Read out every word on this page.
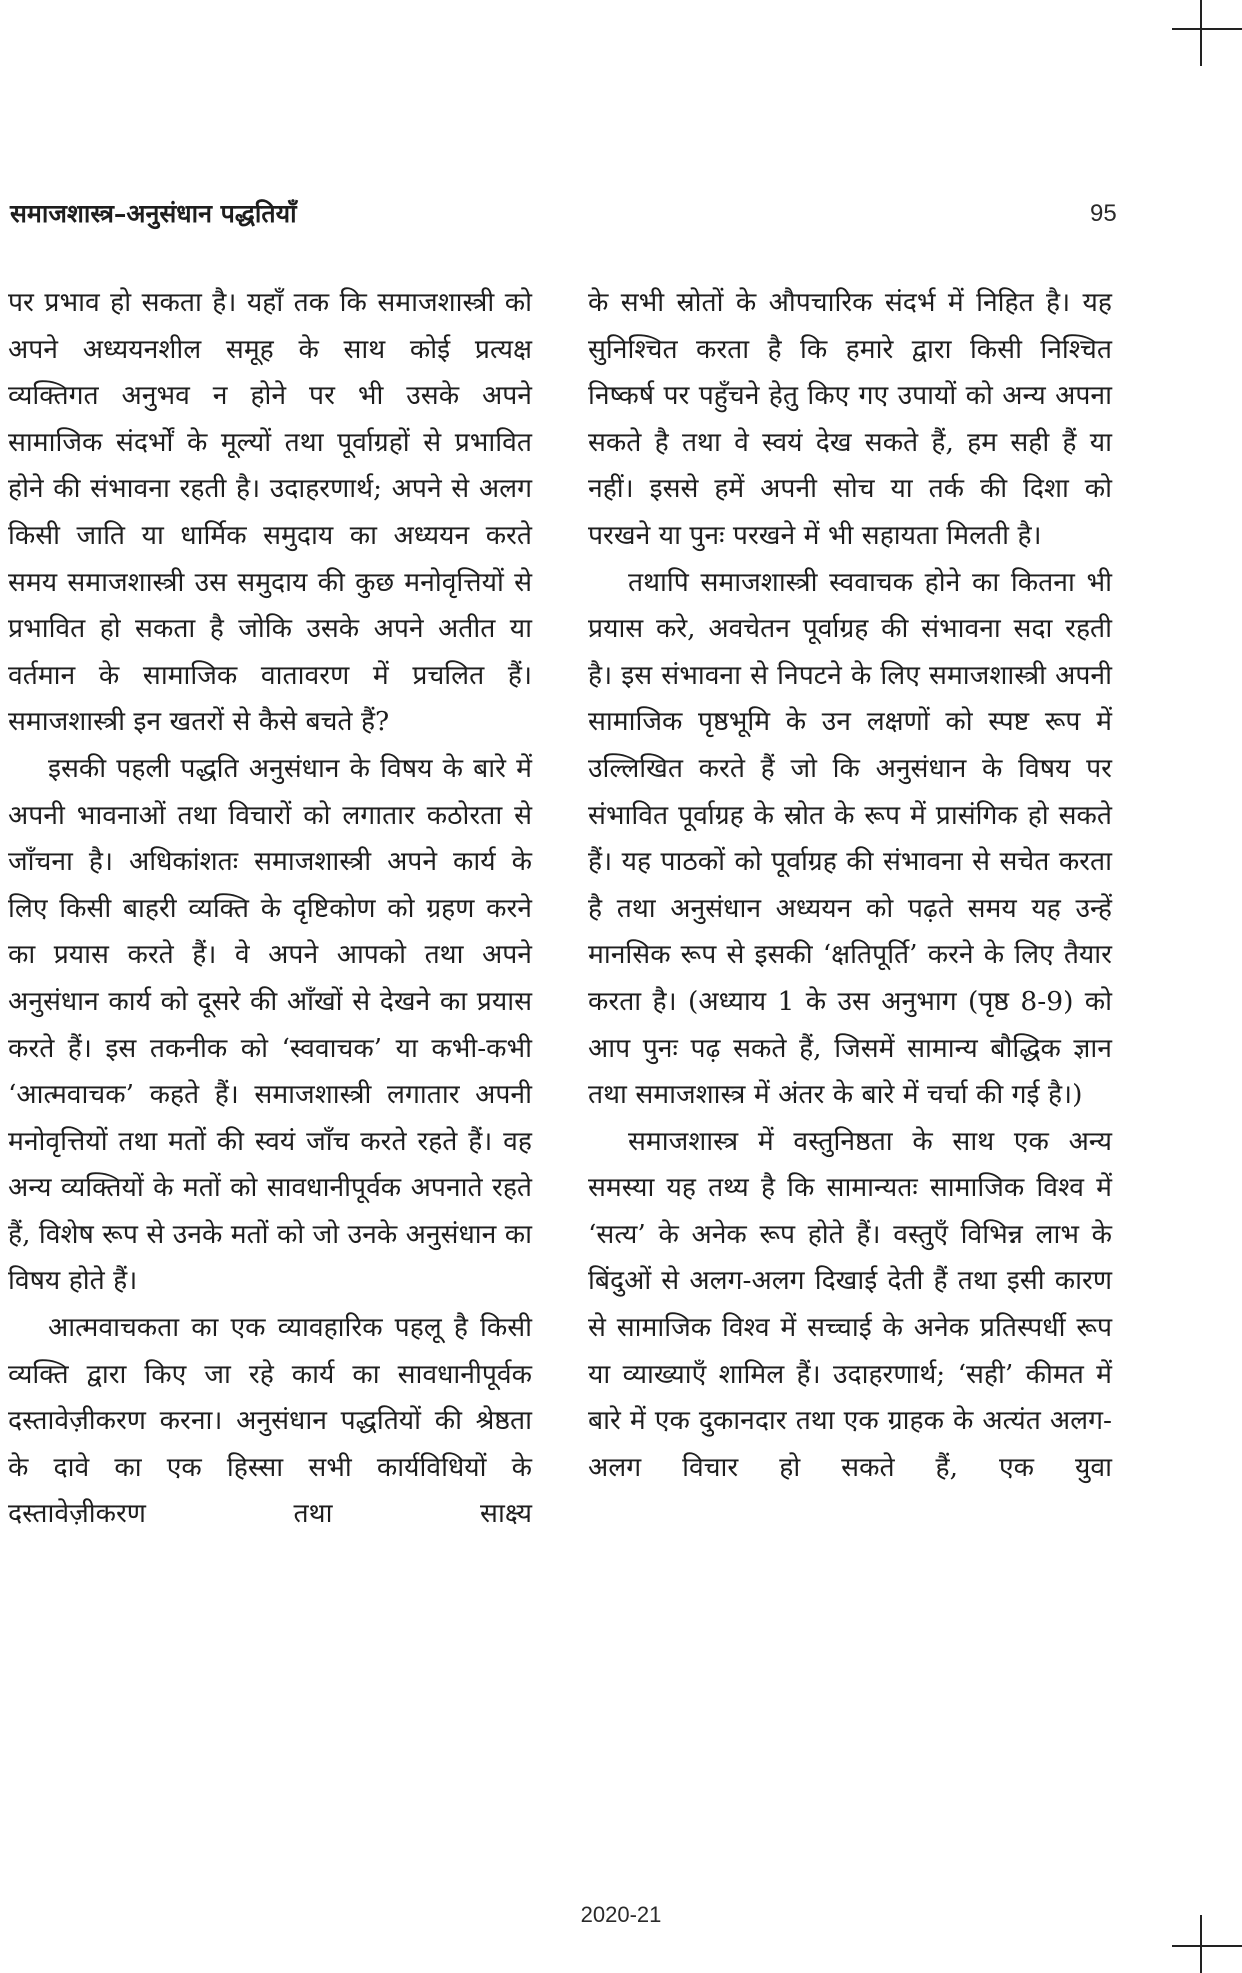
समाजशास्त्र–अनुसंधान पद्धतियाँ	95

पर प्रभाव हो सकता है। यहाँ तक कि समाजशास्त्री को अपने अध्ययनशील समूह के साथ कोई प्रत्यक्ष व्यक्तिगत अनुभव न होने पर भी उसके अपने सामाजिक संदर्भों के मूल्यों तथा पूर्वाग्रहों से प्रभावित होने की संभावना रहती है। उदाहरणार्थ; अपने से अलग किसी जाति या धार्मिक समुदाय का अध्ययन करते समय समाजशास्त्री उस समुदाय की कुछ मनोवृत्तियों से प्रभावित हो सकता है जोकि उसके अपने अतीत या वर्तमान के सामाजिक वातावरण में प्रचलित हैं। समाजशास्त्री इन खतरों से कैसे बचते हैं?

इसकी पहली पद्धति अनुसंधान के विषय के बारे में अपनी भावनाओं तथा विचारों को लगातार कठोरता से जाँचना है। अधिकांशतः समाजशास्त्री अपने कार्य के लिए किसी बाहरी व्यक्ति के दृष्टिकोण को ग्रहण करने का प्रयास करते हैं। वे अपने आपको तथा अपने अनुसंधान कार्य को दूसरे की आँखों से देखने का प्रयास करते हैं। इस तकनीक को ‘स्ववाचक’ या कभी-कभी ‘आत्मवाचक’ कहते हैं। समाजशास्त्री लगातार अपनी मनोवृत्तियों तथा मतों की स्वयं जाँच करते रहते हैं। वह अन्य व्यक्तियों के मतों को सावधानीपूर्वक अपनाते रहते हैं, विशेष रूप से उनके मतों को जो उनके अनुसंधान का विषय होते हैं।

आत्मवाचकता का एक व्यावहारिक पहलू है किसी व्यक्ति द्वारा किए जा रहे कार्य का सावधानीपूर्वक दस्तावेज़ीकरण करना। अनुसंधान पद्धतियों की श्रेष्ठता के दावे का एक हिस्सा सभी कार्यविधियों के दस्तावेज़ीकरण तथा साक्ष्य

के सभी स्रोतों के औपचारिक संदर्भ में निहित है। यह सुनिश्चित करता है कि हमारे द्वारा किसी निश्चित निष्कर्ष पर पहुँचने हेतु किए गए उपायों को अन्य अपना सकते है तथा वे स्वयं देख सकते हैं, हम सही हैं या नहीं। इससे हमें अपनी सोच या तर्क की दिशा को परखने या पुनः परखने में भी सहायता मिलती है।

तथापि समाजशास्त्री स्ववाचक होने का कितना भी प्रयास करे, अवचेतन पूर्वाग्रह की संभावना सदा रहती है। इस संभावना से निपटने के लिए समाजशास्त्री अपनी सामाजिक पृष्ठभूमि के उन लक्षणों को स्पष्ट रूप में उल्लिखित करते हैं जो कि अनुसंधान के विषय पर संभावित पूर्वाग्रह के स्रोत के रूप में प्रासंगिक हो सकते हैं। यह पाठकों को पूर्वाग्रह की संभावना से सचेत करता है तथा अनुसंधान अध्ययन को पढ़ते समय यह उन्हें मानसिक रूप से इसकी ‘क्षतिपूर्ति’ करने के लिए तैयार करता है। (अध्याय 1 के उस अनुभाग (पृष्ठ 8-9) को आप पुनः पढ़ सकते हैं, जिसमें सामान्य बौद्धिक ज्ञान तथा समाजशास्त्र में अंतर के बारे में चर्चा की गई है।)

समाजशास्त्र में वस्तुनिष्ठता के साथ एक अन्य समस्या यह तथ्य है कि सामान्यतः सामाजिक विश्व में ‘सत्य’ के अनेक रूप होते हैं। वस्तुएँ विभिन्न लाभ के बिंदुओं से अलग-अलग दिखाई देती हैं तथा इसी कारण से सामाजिक विश्व में सच्चाई के अनेक प्रतिस्पर्धी रूप या व्याख्याएँ शामिल हैं। उदाहरणार्थ; ‘सही’ कीमत में बारे में एक दुकानदार तथा एक ग्राहक के अत्यंत अलग-अलग विचार हो सकते हैं, एक युवा

2020-21
